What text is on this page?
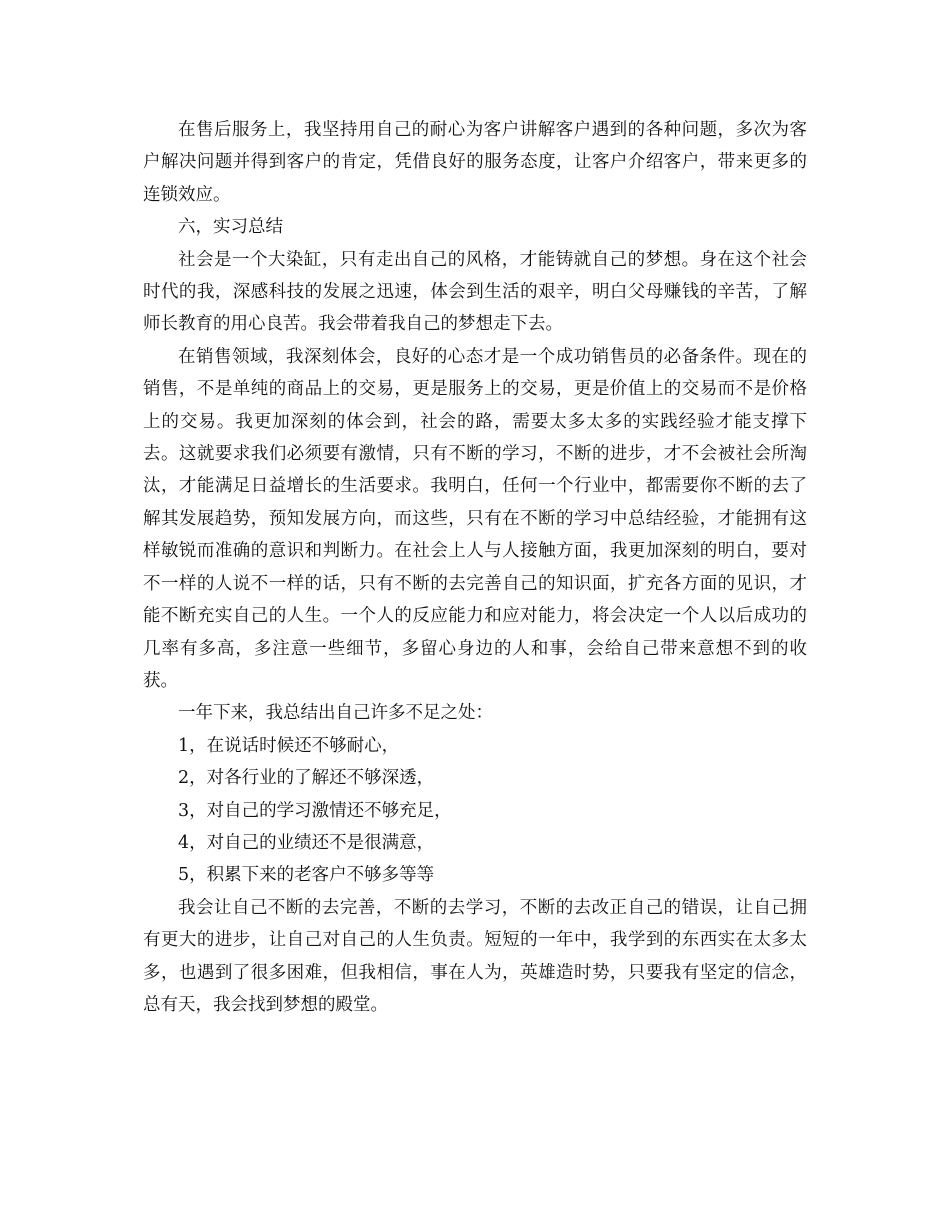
在售后服务上，我坚持用自己的耐心为客户讲解客户遇到的各种问题，多次为客户解决问题并得到客户的肯定，凭借良好的服务态度，让客户介绍客户，带来更多的连锁效应。

六，实习总结

社会是一个大染缸，只有走出自己的风格，才能铸就自己的梦想。身在这个社会时代的我，深感科技的发展之迅速，体会到生活的艰辛，明白父母赚钱的辛苦，了解师长教育的用心良苦。我会带着我自己的梦想走下去。

在销售领域，我深刻体会，良好的心态才是一个成功销售员的必备条件。现在的销售，不是单纯的商品上的交易，更是服务上的交易，更是价值上的交易而不是价格上的交易。我更加深刻的体会到，社会的路，需要太多太多的实践经验才能支撑下去。这就要求我们必须要有激情，只有不断的学习，不断的进步，才不会被社会所淘汰，才能满足日益增长的生活要求。我明白，任何一个行业中，都需要你不断的去了解其发展趋势，预知发展方向，而这些，只有在不断的学习中总结经验，才能拥有这样敏锐而准确的意识和判断力。在社会上人与人接触方面，我更加深刻的明白，要对不一样的人说不一样的话，只有不断的去完善自己的知识面，扩充各方面的见识，才能不断充实自己的人生。一个人的反应能力和应对能力，将会决定一个人以后成功的几率有多高，多注意一些细节，多留心身边的人和事，会给自己带来意想不到的收获。

一年下来，我总结出自己许多不足之处：

1，在说话时候还不够耐心，

2，对各行业的了解还不够深透，

3，对自己的学习激情还不够充足，

4，对自己的业绩还不是很满意，

5，积累下来的老客户不够多等等

我会让自己不断的去完善，不断的去学习，不断的去改正自己的错误，让自己拥有更大的进步，让自己对自己的人生负责。短短的一年中，我学到的东西实在太多太多，也遇到了很多困难，但我相信，事在人为，英雄造时势，只要我有坚定的信念，总有天，我会找到梦想的殿堂。
